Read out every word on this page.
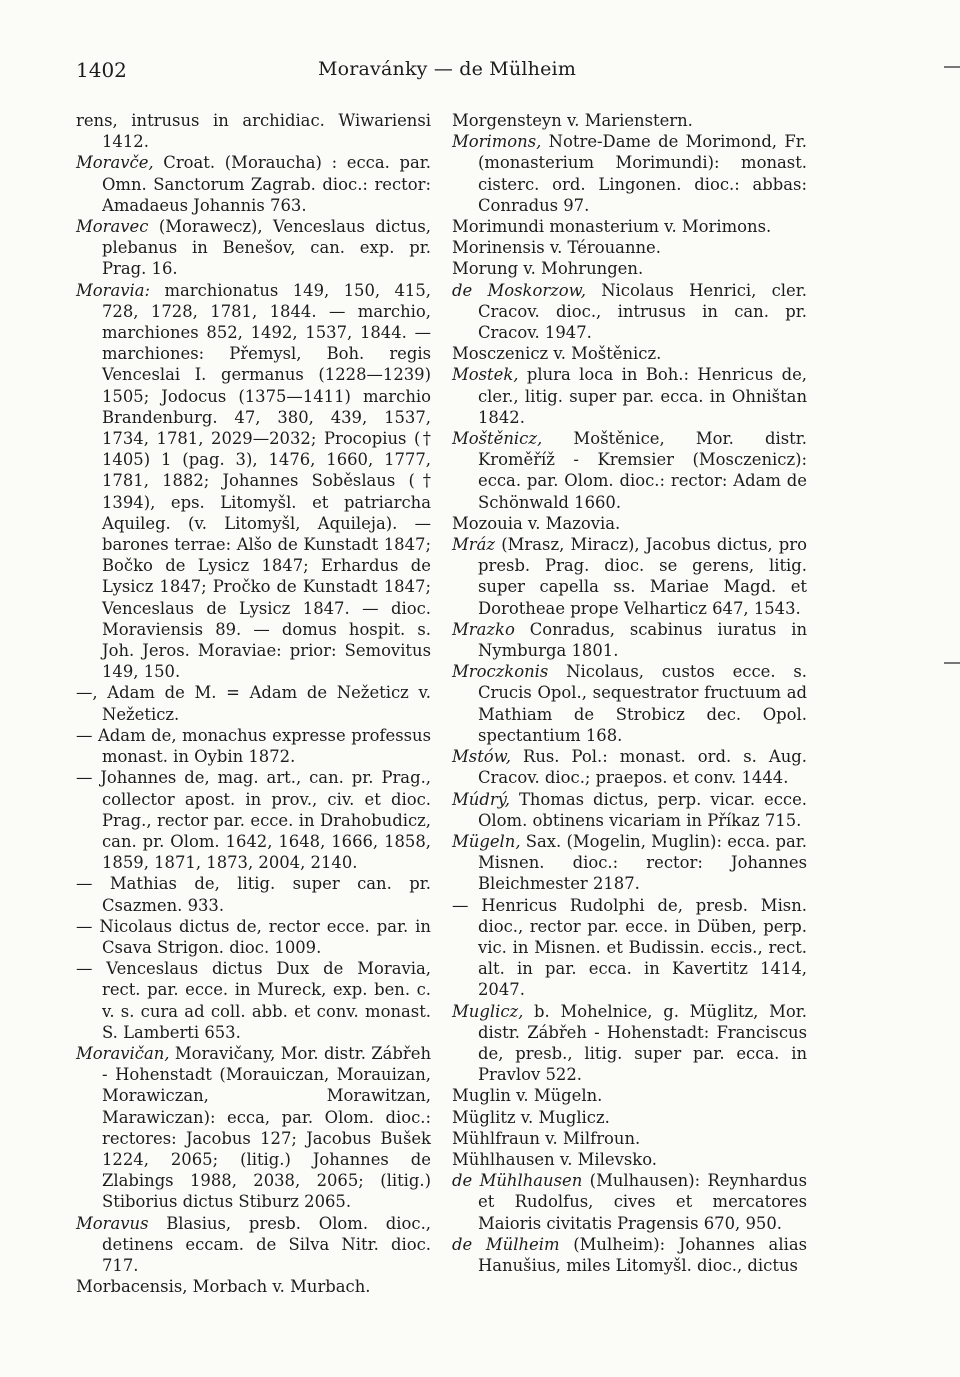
1402	Moravánky — de Mülheim

rens, intrusus in archidiac. Wiwariensi 1412.

Moravče, Croat. (Moraucha) : ecca. par. Omn. Sanctorum Zagrab. dioc.: rector: Amadaeus Johannis 763.

Moravec (Morawecz), Venceslaus dictus, plebanus in Benešov, can. exp. pr. Prag. 16.

Moravia: marchionatus 149, 150, 415, 728, 1728, 1781, 1844. — marchio, marchiones 852, 1492, 1537, 1844. — marchiones: Přemysl, Boh. regis Venceslai I. germanus (1228—1239) 1505; Jodocus (1375—1411) marchio Brandenburg. 47, 380, 439, 1537, 1734, 1781, 2029—2032; Procopius († 1405) 1 (pag. 3), 1476, 1660, 1777, 1781, 1882; Johannes Soběslaus († 1394), eps. Litomyšl. et patriarcha Aquileg. (v. Litomyšl, Aquileja). — barones terrae: Alšo de Kunstadt 1847; Bočko de Lysicz 1847; Erhardus de Lysicz 1847; Pročko de Kunstadt 1847; Venceslaus de Lysicz 1847. — dioc. Moraviensis 89. — domus hospit. s. Joh. Jeros. Moraviae: prior: Semovitus 149, 150.

—, Adam de M. = Adam de Nežeticz v. Nežeticz.

— Adam de, monachus expresse professus monast. in Oybin 1872.

— Johannes de, mag. art., can. pr. Prag., collector apost. in prov., civ. et dioc. Prag., rector par. ecce. in Drahobudicz, can. pr. Olom. 1642, 1648, 1666, 1858, 1859, 1871, 1873, 2004, 2140.

— Mathias de, litig. super can. pr. Csazmen. 933.

— Nicolaus dictus de, rector ecce. par. in Csava Strigon. dioc. 1009.

— Venceslaus dictus Dux de Moravia, rect. par. ecce. in Mureck, exp. ben. c. v. s. cura ad coll. abb. et conv. monast. S. Lamberti 653.

Moravičan, Moravičany, Mor. distr. Zábřeh - Hohenstadt (Morauiczan, Morauizan, Morawiczan, Morawitzan, Marawiczan): ecca, par. Olom. dioc.: rectores: Jacobus 127; Jacobus Bušek 1224, 2065; (litig.) Johannes de Zlabings 1988, 2038, 2065; (litig.) Stiborius dictus Stiburz 2065.

Moravus Blasius, presb. Olom. dioc., detinens eccam. de Silva Nitr. dioc. 717.

Morbacensis, Morbach v. Murbach.

Morgensteyn v. Marienstern.

Morimons, Notre-Dame de Morimond, Fr. (monasterium Morimundi): monast. cisterc. ord. Lingonen. dioc.: abbas: Conradus 97.

Morimundi monasterium v. Morimons.

Morinensis v. Térouanne.

Morung v. Mohrungen.

de Moskorzow, Nicolaus Henrici, cler. Cracov. dioc., intrusus in can. pr. Cracov. 1947.

Mosczenicz v. Moštěnicz.

Mostek, plura loca in Boh.: Henricus de, cler., litig. super par. ecca. in Ohništan 1842.

Moštěnicz, Moštěnice, Mor. distr. Kroměříž - Kremsier (Mosczenicz): ecca. par. Olom. dioc.: rector: Adam de Schönwald 1660.

Mozouia v. Mazovia.

Mráz (Mrasz, Miracz), Jacobus dictus, pro presb. Prag. dioc. se gerens, litig. super capella ss. Mariae Magd. et Dorotheae prope Velharticz 647, 1543.

Mrazko Conradus, scabinus iuratus in Nymburga 1801.

Mroczkonis Nicolaus, custos ecce. s. Crucis Opol., sequestrator fructuum ad Mathiam de Strobicz dec. Opol. spectantium 168.

Mstów, Rus. Pol.: monast. ord. s. Aug. Cracov. dioc.; praepos. et conv. 1444.

Múdrý, Thomas dictus, perp. vicar. ecce. Olom. obtinens vicariam in Příkaz 715.

Mügeln, Sax. (Mogelin, Muglin): ecca. par. Misnen. dioc.: rector: Johannes Bleichmester 2187.

— Henricus Rudolphi de, presb. Misn. dioc., rector par. ecce. in Düben, perp. vic. in Misnen. et Budissin. eccis., rect. alt. in par. ecca. in Kavertitz 1414, 2047.

Muglicz, b. Mohelnice, g. Müglitz, Mor. distr. Zábřeh - Hohenstadt: Franciscus de, presb., litig. super par. ecca. in Pravlov 522.

Muglin v. Mügeln.

Müglitz v. Muglicz.

Mühlfraun v. Milfroun.

Mühlhausen v. Milevsko.

de Mühlhausen (Mulhausen): Reynhardus et Rudolfus, cives et mercatores Maioris civitatis Pragensis 670, 950.

de Mülheim (Mulheim): Johannes alias Hanušius, miles Litomyšl. dioc., dictus
